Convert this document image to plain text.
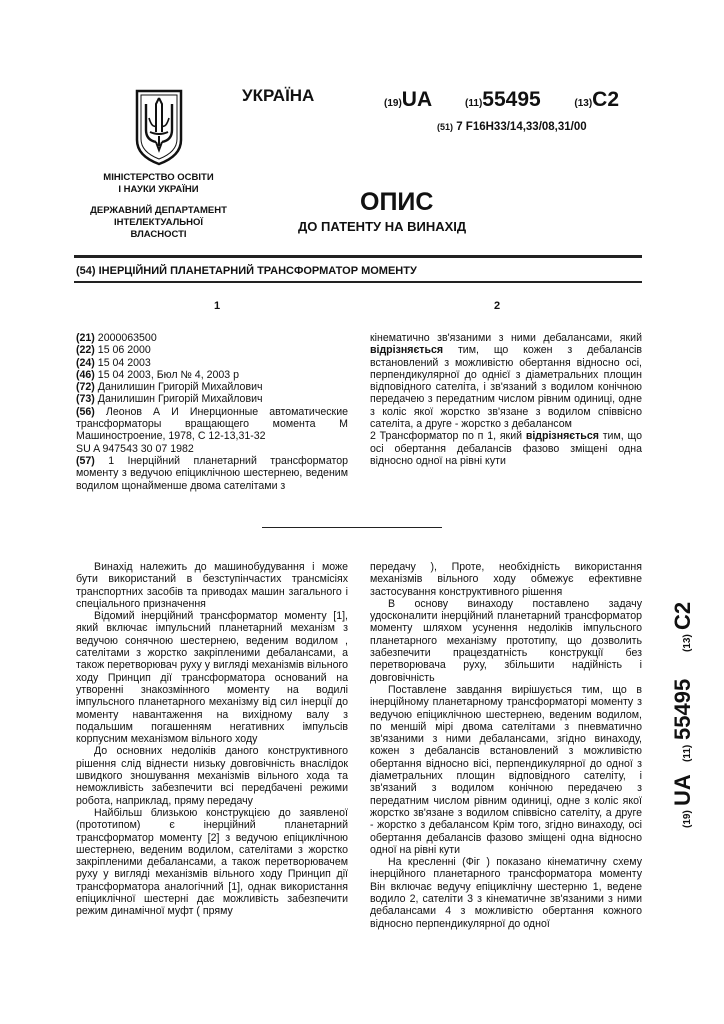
МІНІСТЕРСТВО ОСВІТИ
І НАУКИ УКРАЇНИ
ДЕРЖАВНИЙ ДЕПАРТАМЕНТ
ІНТЕЛЕКТУАЛЬНОЇ
ВЛАСНОСТІ
УКРАЇНА	(19)UA	(11)55495	(13)C2
(51) 7 F16H33/14,33/08,31/00
ОПИС
ДО ПАТЕНТУ НА ВИНАХІД
(54) ІНЕРЦІЙНИЙ ПЛАНЕТАРНИЙ ТРАНСФОРМАТОР МОМЕНТУ
1	2

(21) 2000063500

(22) 15 06 2000

(24) 15 04 2003

(46) 15 04 2003, Бюл № 4, 2003 р

(72) Данилишин Григорій Михайлович

(73) Данилишин Григорій Михайлович

(56) Леонов А И Инерционные автоматические трансформаторы вращающего момента М Машиностроение, 1978, С 12-13,31-32

SU A 947543 30 07 1982

(57) 1 Інерційний планетарний трансформатор моменту з ведучою епіциклічною шестернею, веденим водилом щонайменше двома сателітами з

кінематично зв'язаними з ними дебалансами, який відрізняється тим, що кожен з дебалансів встановлений з можливістю обертання відносно осі, перпендикулярної до однієї з діаметральних площин відповідного сателіта, і зв'язаний з водилом конічною передачею з передатним числом рівним одиниці, одне з коліс якої жорстко зв'язане з водилом співвісно сателіта, а друге - жорстко з дебалансом

2 Трансформатор по п 1, який відрізняється тим, що осі обертання дебалансів фазово зміщені одна відносно одної на рівні кути

Винахід належить до машинобудування і може бути використаний в безступінчастих трансмісіях транспортних засобів та приводах машин загального і спеціального призначення

Відомий інерційний трансформатор моменту [1], який включає імпульсний планетарний механізм з ведучою сонячною шестернею, веденим водилом , сателітами з жорстко закріпленими дебалансами, а також перетворювач руху у вигляді механізмів вільного ходу Принцип дії трансформатора оснований на утворенні знакозмінного моменту на водилі імпульсного планетарного механізму від сил інерції до моменту навантаження на вихідному валу з подальшим погашенням негативних імпульсів корпусним механізмом вільного ходу

До основних недоліків даного конструктивного рішення слід віднести низьку довговічність внаслідок швидкого зношування механізмів вільного хода та неможливість забезпечити всі передбачені режими робота, наприклад, пряму передачу

Найбільш близькою конструкцією до заявленої (прототипом) є інерційний планетарний трансформатор моменту [2] з ведучою епіциклічною шестернею, веденим водилом, сателітами з жорстко закріпленими дебалансами, а також перетворювачем руху у вигляді механізмів вільного ходу Принцип дії трансформатора аналогічний [1], однак використання епіциклічної шестерні дає можливість забезпечити режим динамічної муфт ( пряму

передачу ), Проте, необхідність використання механізмів вільного ходу обмежує ефективне застосування конструктивного рішення

В основу винаходу поставлено задачу удосконалити інерційний планетарний трансформатор моменту шляхом усунення недоліків імпульсного планетарного механізму прототипу, що дозволить забезпечити працездатність конструкції без перетворювача руху, збільшити надійність і довговічність

Поставлене завдання вирішується тим, що в інерційному планетарному трансформаторі моменту з ведучою епіциклічною шестернею, веденим водилом, по меншій мірі двома сателітами з пневматично зв'язаними з ними дебалансами, згідно винаходу, кожен з дебалансів встановлений з можливістю обертання відносно вісі, перпендикулярної до одної з діаметральних площин відповідного сателіту, і зв'язаний з водилом конічною передачею з передатним числом рівним одиниці, одне з коліс якої жорстко зв'язане з водилом співвісно сателіту, а друге - жорстко з дебалансом Крім того, згідно винаходу, осі обертання дебалансів фазово зміщені одна відносно одної на рівні кути

На кресленні (Фіг ) показано кінематичну схему інерційного планетарного трансформатора моменту Він включає ведучу епіциклічну шестерню 1, ведене водило 2, сателіти 3 з кінематичне зв'язаними з ними дебалансами 4 з можливістю обертання кожного відносно перпендикулярної до одної

(19)
UA
(11)
55495
(13)
C2
